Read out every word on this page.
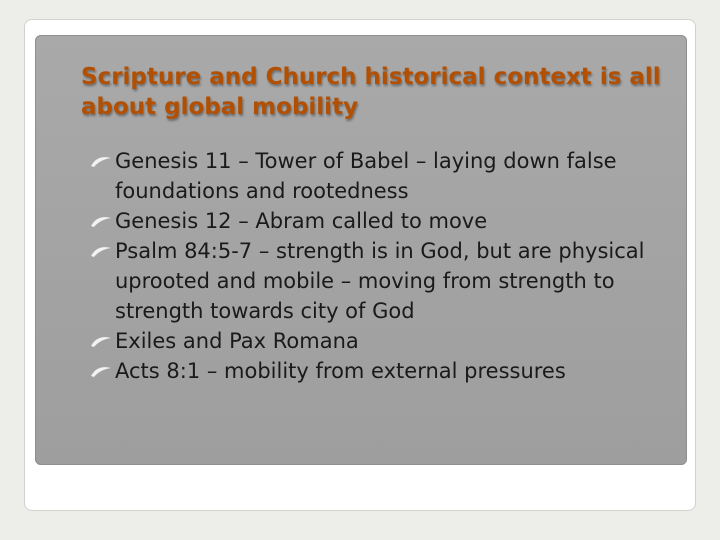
Scripture and Church historical context is all about global mobility
Genesis 11 – Tower of Babel – laying down false foundations and rootedness
Genesis 12 – Abram called to move
Psalm 84:5-7 – strength is in God, but are physical uprooted and mobile – moving from strength to strength towards city of God
Exiles and Pax Romana
Acts 8:1 – mobility from external pressures
